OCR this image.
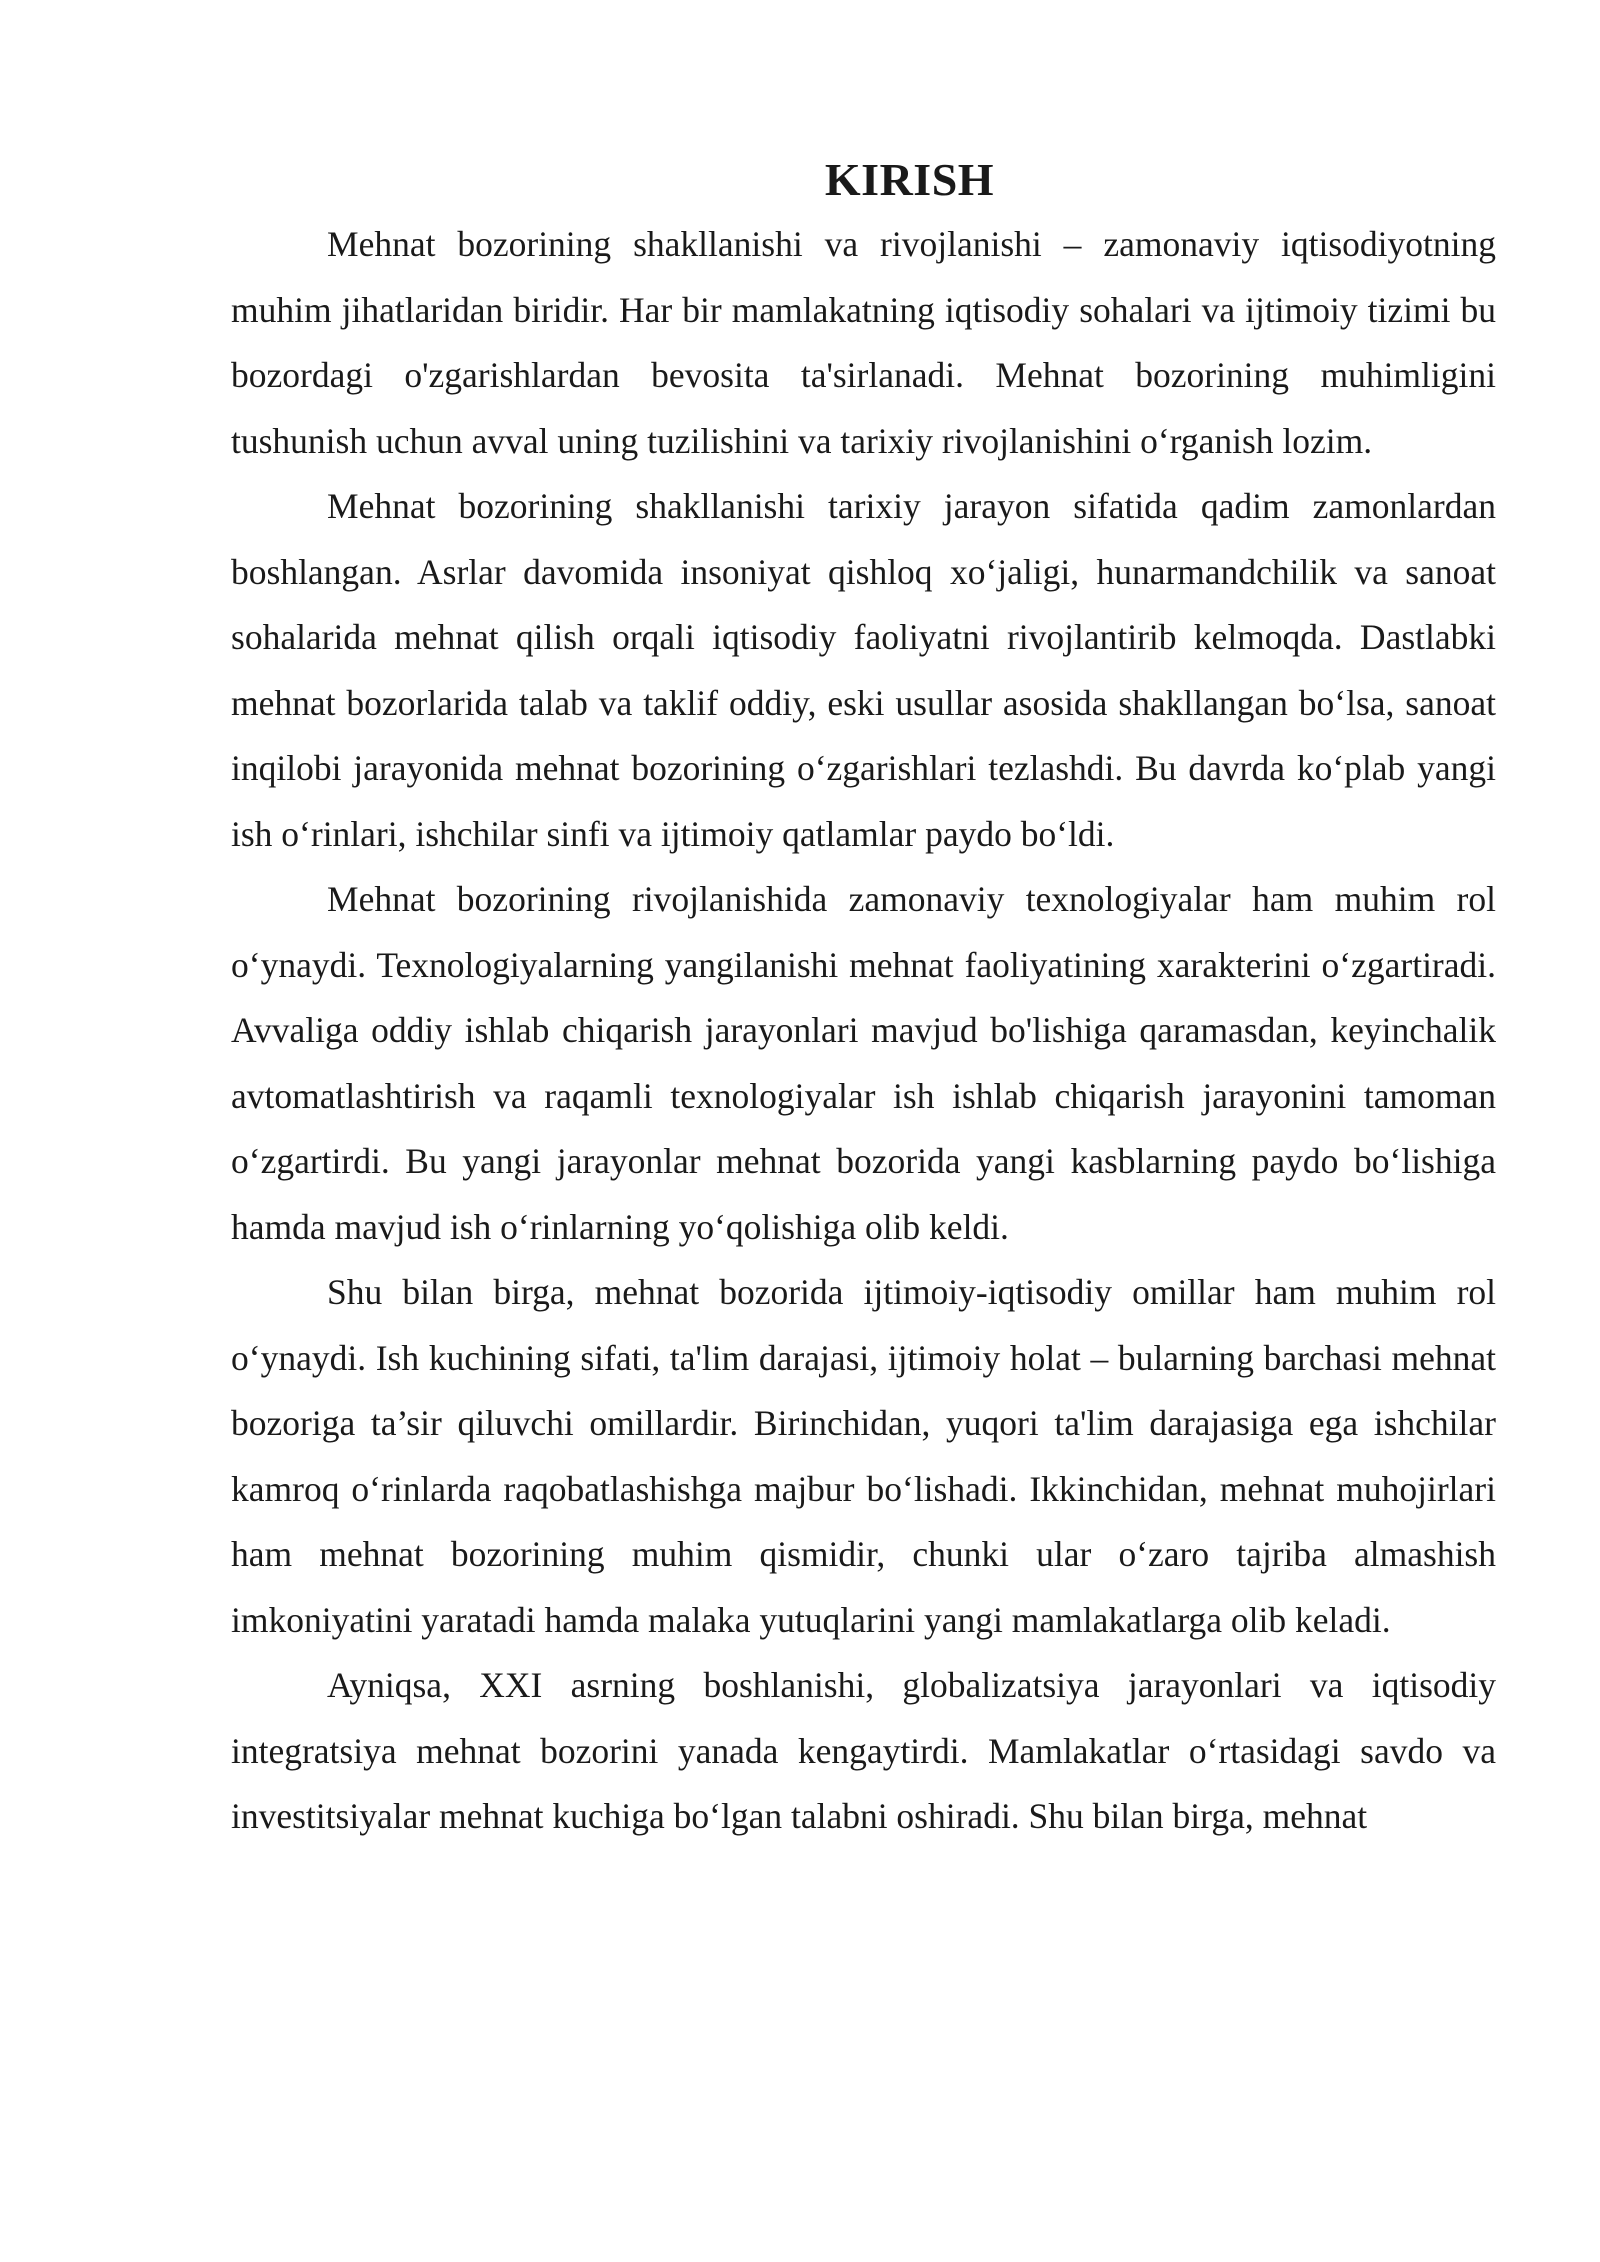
KIRISH

Mehnat bozorining shakllanishi va rivojlanishi – zamonaviy iqtisodiyotning muhim jihatlaridan biridir. Har bir mamlakatning iqtisodiy sohalari va ijtimoiy tizimi bu bozordagi o'zgarishlardan bevosita ta'sirlanadi. Mehnat bozorining muhimligini tushunish uchun avval uning tuzilishini va tarixiy rivojlanishini o‘rganish lozim.

Mehnat bozorining shakllanishi tarixiy jarayon sifatida qadim zamonlardan boshlangan. Asrlar davomida insoniyat qishloq xo‘jaligi, hunarmandchilik va sanoat sohalarida mehnat qilish orqali iqtisodiy faoliyatni rivojlantirib kelmoqda. Dastlabki mehnat bozorlarida talab va taklif oddiy, eski usullar asosida shakllangan bo‘lsa, sanoat inqilobi jarayonida mehnat bozorining o‘zgarishlari tezlashdi. Bu davrda ko‘plab yangi ish o‘rinlari, ishchilar sinfi va ijtimoiy qatlamlar paydo bo‘ldi.

Mehnat bozorining rivojlanishida zamonaviy texnologiyalar ham muhim rol o‘ynaydi. Texnologiyalarning yangilanishi mehnat faoliyatining xarakterini o‘zgartiradi. Avvaliga oddiy ishlab chiqarish jarayonlari mavjud bo'lishiga qaramasdan, keyinchalik avtomatlashtirish va raqamli texnologiyalar ish ishlab chiqarish jarayonini tamoman o‘zgartirdi. Bu yangi jarayonlar mehnat bozorida yangi kasblarning paydo bo‘lishiga hamda mavjud ish o‘rinlarning yo‘qolishiga olib keldi.

Shu bilan birga, mehnat bozorida ijtimoiy-iqtisodiy omillar ham muhim rol o‘ynaydi. Ish kuchining sifati, ta'lim darajasi, ijtimoiy holat – bularning barchasi mehnat bozoriga ta’sir qiluvchi omillardir. Birinchidan, yuqori ta'lim darajasiga ega ishchilar kamroq o‘rinlarda raqobatlashishga majbur bo‘lishadi. Ikkinchidan, mehnat muhojirlari ham mehnat bozorining muhim qismidir, chunki ular o‘zaro tajriba almashish imkoniyatini yaratadi hamda malaka yutuqlarini yangi mamlakatlarga olib keladi.

Ayniqsa, XXI asrning boshlanishi, globalizatsiya jarayonlari va iqtisodiy integratsiya mehnat bozorini yanada kengaytirdi. Mamlakatlar o‘rtasidagi savdo va investitsiyalar mehnat kuchiga bo‘lgan talabni oshiradi. Shu bilan birga, mehnat
